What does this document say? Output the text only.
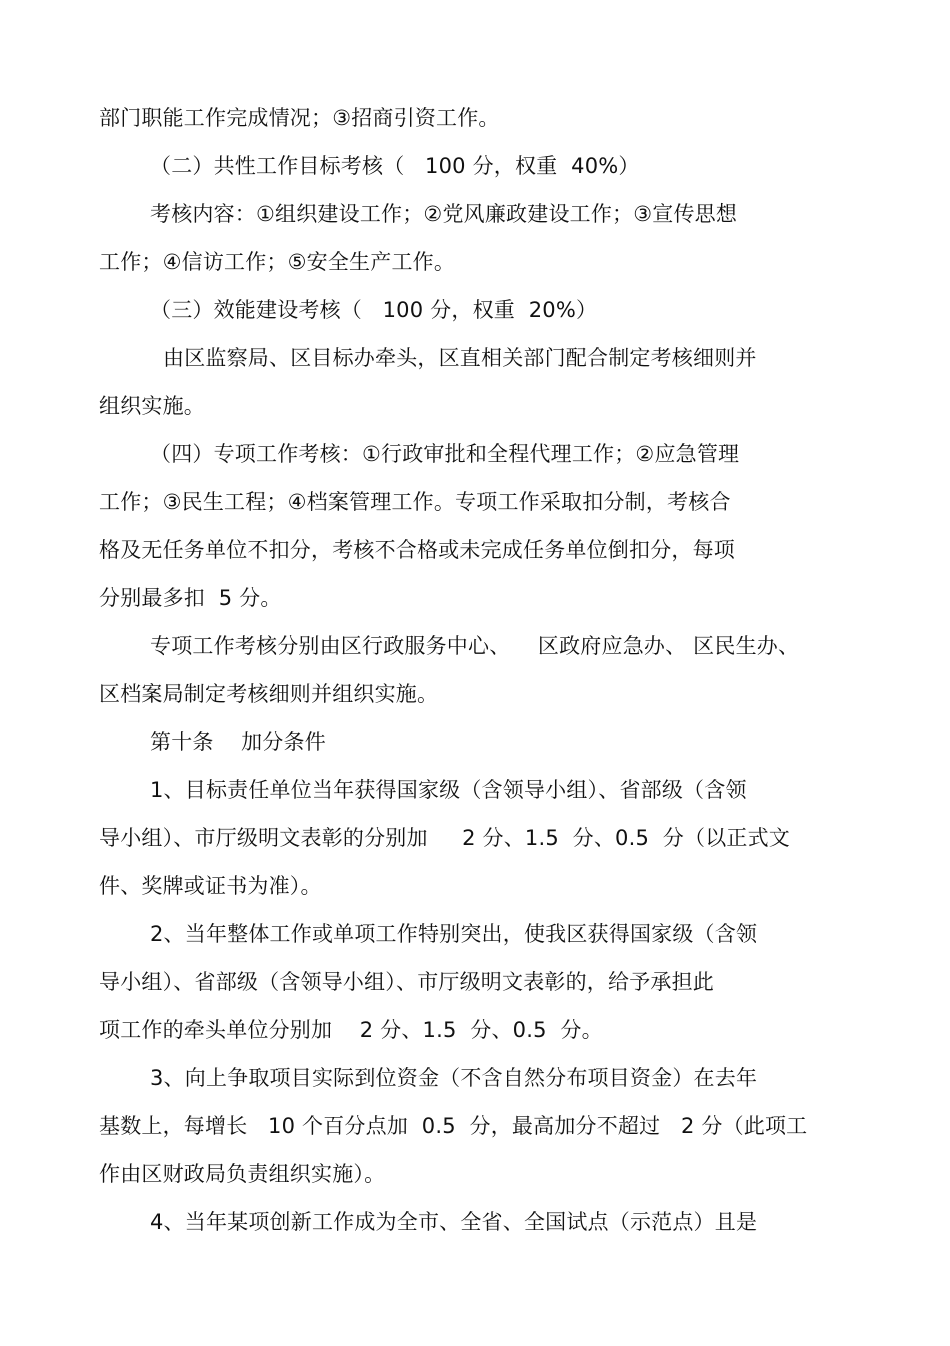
部门职能工作完成情况；③招商引资工作。
（二）共性工作目标考核（   100 分，权重  40%）
考核内容：①组织建设工作；②党风廉政建设工作；③宣传思想
工作；④信访工作；⑤安全生产工作。
（三）效能建设考核（   100 分，权重  20%）
由区监察局、区目标办牵头，区直相关部门配合制定考核细则并
组织实施。
（四）专项工作考核：①行政审批和全程代理工作；②应急管理
工作；③民生工程；④档案管理工作。专项工作采取扣分制，考核合
格及无任务单位不扣分，考核不合格或未完成任务单位倒扣分，每项
分别最多扣  5 分。
专项工作考核分别由区行政服务中心、    区政府应急办、 区民生办、
区档案局制定考核细则并组织实施。
第十条    加分条件
1、目标责任单位当年获得国家级（含领导小组）、省部级（含领
导小组）、市厅级明文表彰的分别加     2 分、1.5  分、0.5  分（以正式文
件、奖牌或证书为准）。
2、当年整体工作或单项工作特别突出，使我区获得国家级（含领
导小组）、省部级（含领导小组）、市厅级明文表彰的，给予承担此
项工作的牵头单位分别加    2 分、1.5  分、0.5  分。
3、向上争取项目实际到位资金（不含自然分布项目资金）在去年
基数上，每增长   10 个百分点加  0.5  分，最高加分不超过   2 分（此项工
作由区财政局负责组织实施）。
4、当年某项创新工作成为全市、全省、全国试点（示范点）且是
